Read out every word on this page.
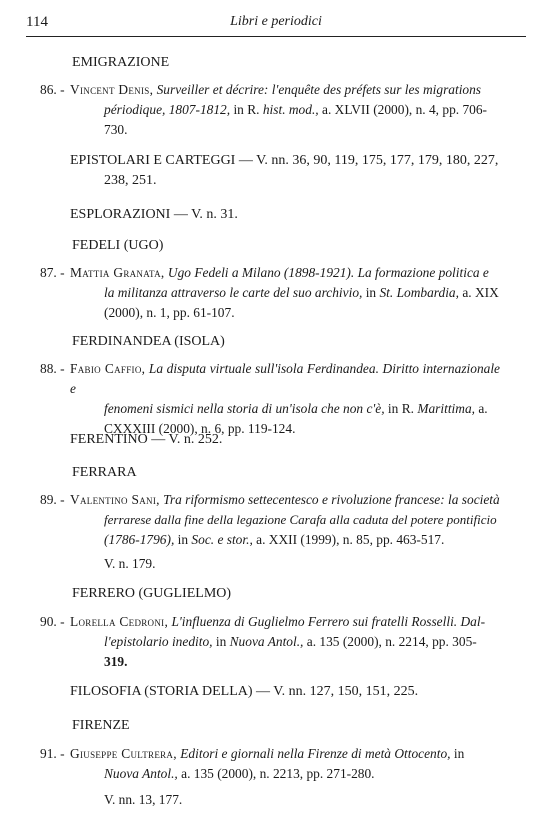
114	Libri e periodici
EMIGRAZIONE
86. - Vincent Denis, Surveiller et décrire: l'enquête des préfets sur les migrations
périodique, 1807-1812, in R. hist. mod., a. XLVII (2000), n. 4, pp. 706-
730.
EPISTOLARI E CARTEGGI — V. nn. 36, 90, 119, 175, 177, 179, 180, 227,
238, 251.
ESPLORAZIONI — V. n. 31.
FEDELI (UGO)
87. - Mattia Granata, Ugo Fedeli a Milano (1898-1921). La formazione politica e
la militanza attraverso le carte del suo archivio, in St. Lombardia, a. XIX
(2000), n. 1, pp. 61-107.
FERDINANDEA (ISOLA)
88. - Fabio Caffio, La disputa virtuale sull'isola Ferdinandea. Diritto internazionale e
fenomeni sismici nella storia di un'isola che non c'è, in R. Marittima, a.
CXXXIII (2000), n. 6, pp. 119-124.
FERENTINO — V. n. 252.
FERRARA
89. - Valentino Sani, Tra riformismo settecentesco e rivoluzione francese: la società
ferrarese dalla fine della legazione Carafa alla caduta del potere pontificio
(1786-1796), in Soc. e stor., a. XXII (1999), n. 85, pp. 463-517.
V. n. 179.
FERRERO (GUGLIELMO)
90. - Lorella Cedroni, L'influenza di Guglielmo Ferrero sui fratelli Rosselli. Dal-
l'epistolario inedito, in Nuova Antol., a. 135 (2000), n. 2214, pp. 305-
319.
FILOSOFIA (STORIA DELLA) — V. nn. 127, 150, 151, 225.
FIRENZE
91. - Giuseppe Cultrera, Editori e giornali nella Firenze di metà Ottocento, in
Nuova Antol., a. 135 (2000), n. 2213, pp. 271-280.
V. nn. 13, 177.
